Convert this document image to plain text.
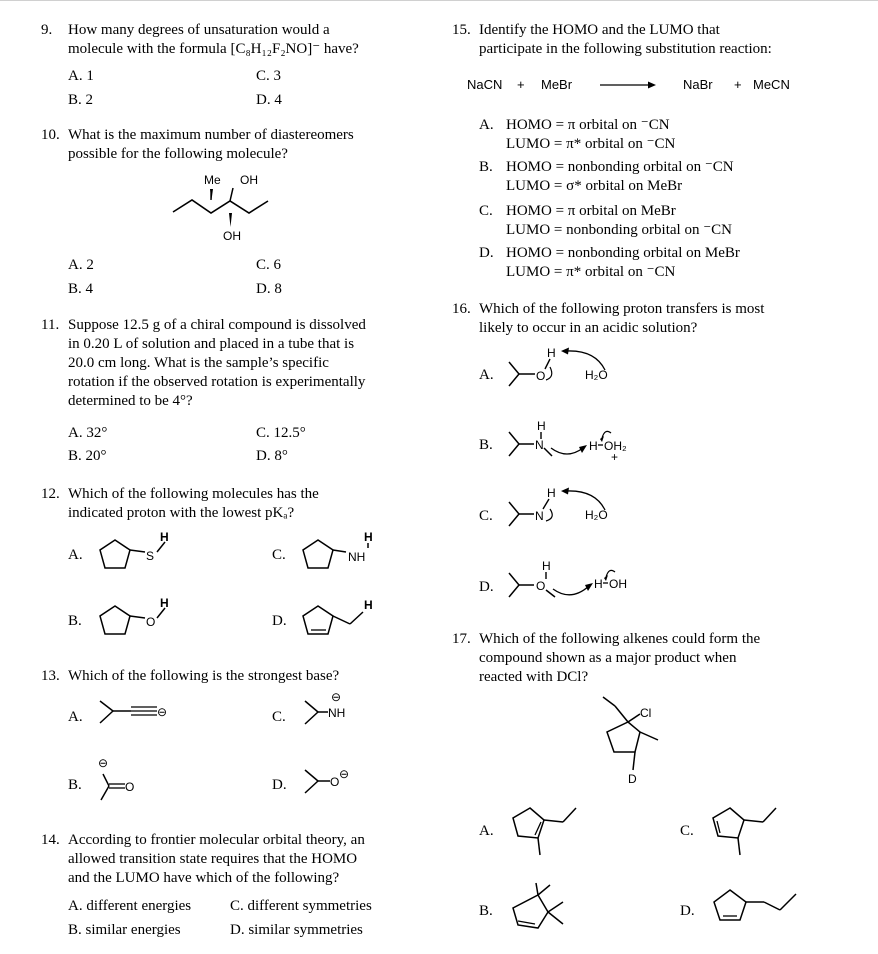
9. How many degrees of unsaturation would a
molecule with the formula [C₈H₁₂F₂NO]⁻ have?
A. 1
B. 2
C. 3
D. 4
10. What is the maximum number of diastereomers
possible for the following molecule?
Me OH
OH
A. 2
B. 4
C. 6
D. 8
11. Suppose 12.5 g of a chiral compound is dissolved
in 0.20 L of solution and placed in a tube that is
20.0 cm long. What is the sample’s specific
rotation if the observed rotation is experimentally
determined to be 4°?
A. 32°
B. 20°
C. 12.5°
D. 8°
12. Which of the following molecules has the
indicated proton with the lowest pKₐ?
A.
H
S
B.
H
O
C.
H
NH
D.
H
13. Which of the following is the strongest base?
A.	⊖
B.
⊖
O
C.
⊖
NH
D.	O
⊖
14. According to frontier molecular orbital theory, an
allowed transition state requires that the HOMO
and the LUMO have which of the following?
A. different energies
B. similar energies
C. different symmetries
D. similar symmetries
15. Identify the HOMO and the LUMO that
participate in the following substitution reaction:
NaCN + MeBr	NaBr + MeCN
A. HOMO = π orbital on ⁻CN
LUMO = π* orbital on ⁻CN
B. HOMO = nonbonding orbital on ⁻CN
LUMO = σ* orbital on MeBr
C. HOMO = π orbital on MeBr
LUMO = nonbonding orbital on ⁻CN
D. HOMO = nonbonding orbital on MeBr
LUMO = π* orbital on ⁻CN
16. Which of the following proton transfers is most
likely to occur in an acidic solution?
A.
H
O	H₂O
B.
H
N	H OH₂
+
C.
H
N	H₂O
D.
H
O	H OH
17. Which of the following alkenes could form the
compound shown as a major product when
reacted with DCl?
Cl
D
A.
B.
C.
D.
